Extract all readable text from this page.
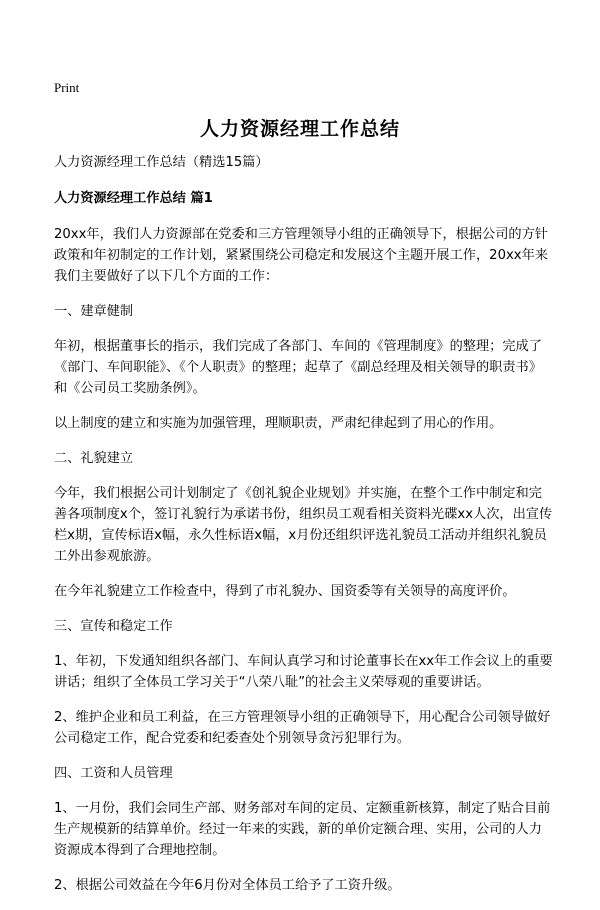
Print
人力资源经理工作总结

人力资源经理工作总结（精选15篇）

人力资源经理工作总结 篇1

20xx年，我们人力资源部在党委和三方管理领导小组的正确领导下，根据公司的方针政策和年初制定的工作计划，紧紧围绕公司稳定和发展这个主题开展工作，20xx年来我们主要做好了以下几个方面的工作：

一、建章健制

年初，根据董事长的指示，我们完成了各部门、车间的《管理制度》的整理；完成了《部门、车间职能》、《个人职责》的整理；起草了《副总经理及相关领导的职责书》和《公司员工奖励条例》。

以上制度的建立和实施为加强管理，理顺职责，严肃纪律起到了用心的作用。

二、礼貌建立

今年，我们根据公司计划制定了《创礼貌企业规划》并实施，在整个工作中制定和完善各项制度x个，签订礼貌行为承诺书份，组织员工观看相关资料光碟xx人次，出宣传栏x期，宣传标语x幅，永久性标语x幅，x月份还组织评选礼貌员工活动并组织礼貌员工外出参观旅游。

在今年礼貌建立工作检查中，得到了市礼貌办、国资委等有关领导的高度评价。

三、宣传和稳定工作

1、年初，下发通知组织各部门、车间认真学习和讨论董事长在xx年工作会议上的重要讲话；组织了全体员工学习关于“八荣八耻”的社会主义荣辱观的重要讲话。

2、维护企业和员工利益，在三方管理领导小组的正确领导下，用心配合公司领导做好公司稳定工作，配合党委和纪委查处个别领导贪污犯罪行为。

四、工资和人员管理

1、一月份，我们会同生产部、财务部对车间的定员、定额重新核算，制定了贴合目前生产规模新的结算单价。经过一年来的实践，新的单价定额合理、实用，公司的人力资源成本得到了合理地控制。

2、根据公司效益在今年6月份对全体员工给予了工资升级。
